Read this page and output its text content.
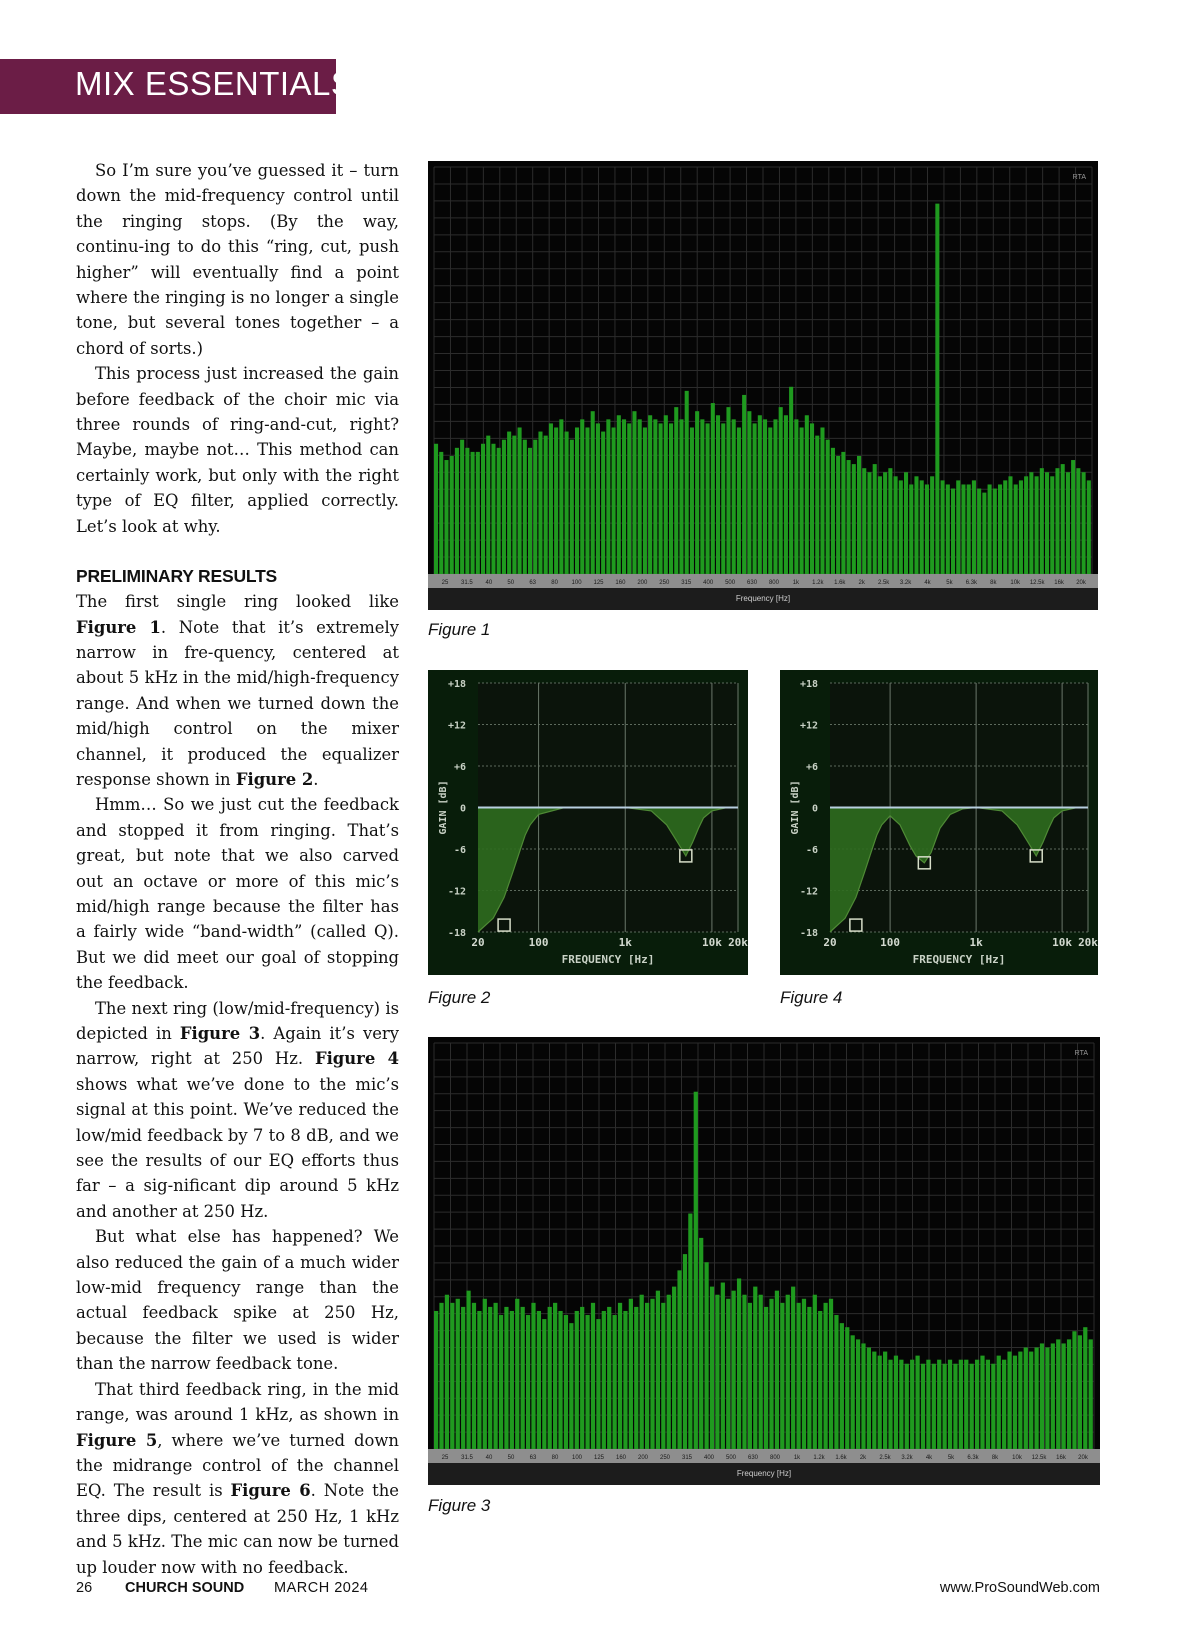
MIX ESSENTIALS

So I’m sure you’ve guessed it – turn down the mid-frequency control until the ringing stops. (By the way, continu-ing to do this “ring, cut, push higher” will eventually find a point where the ringing is no longer a single tone, but several tones together – a chord of sorts.)

This process just increased the gain before feedback of the choir mic via three rounds of ring-and-cut, right? Maybe, maybe not… This method can certainly work, but only with the right type of EQ filter, applied correctly. Let’s look at why.

PRELIMINARY RESULTS

The first single ring looked like Figure 1. Note that it’s extremely narrow in fre-quency, centered at about 5 kHz in the mid/high-frequency range. And when we turned down the mid/high control on the mixer channel, it produced the equalizer response shown in Figure 2.

Hmm… So we just cut the feedback and stopped it from ringing. That’s great, but note that we also carved out an octave or more of this mic’s mid/high range because the filter has a fairly wide “band-width” (called Q). But we did meet our goal of stopping the feedback.

The next ring (low/mid-frequency) is depicted in Figure 3. Again it’s very narrow, right at 250 Hz. Figure 4 shows what we’ve done to the mic’s signal at this point. We’ve reduced the low/mid feedback by 7 to 8 dB, and we see the results of our EQ efforts thus far – a sig-nificant dip around 5 kHz and another at 250 Hz.

But what else has happened? We also reduced the gain of a much wider low-mid frequency range than the actual feedback spike at 250 Hz, because the filter we used is wider than the narrow feedback tone.

That third feedback ring, in the mid range, was around 1 kHz, as shown in Figure 5, where we’ve turned down the midrange control of the channel EQ. The result is Figure 6. Note the three dips, centered at 250 Hz, 1 kHz and 5 kHz. The mic can now be turned up louder now with no feedback.

RTA
25 31.5 40	50	63	80 100 125 160 200 250 315 400 500 630 800 1k 1.2k 1.6k 2k 2.5k 3.2k 4k	5k 6.3k 8k 10k 12.5k 16k 20k
Frequency [Hz]
Figure 1
+18
+12
+6
0
-6
-12
-18
20	100	1k	10k 20k
FREQUENCY [Hz]
GAIN [dB]
Figure 2
+18
+12
+6
0
-6
-12
-18
20	100	1k	10k 20k
FREQUENCY [Hz]
GAIN [dB]
Figure 4
RTA
25 31.5 40	50	63	80 100 125 160 200 250 315 400 500 630 800 1k 1.2k 1.6k 2k 2.5k 3.2k 4k	5k 6.3k 8k 10k 12.5k 16k 20k
Frequency [Hz]
Figure 3
26 CHURCH SOUND MARCH 2024	www.ProSoundWeb.com
